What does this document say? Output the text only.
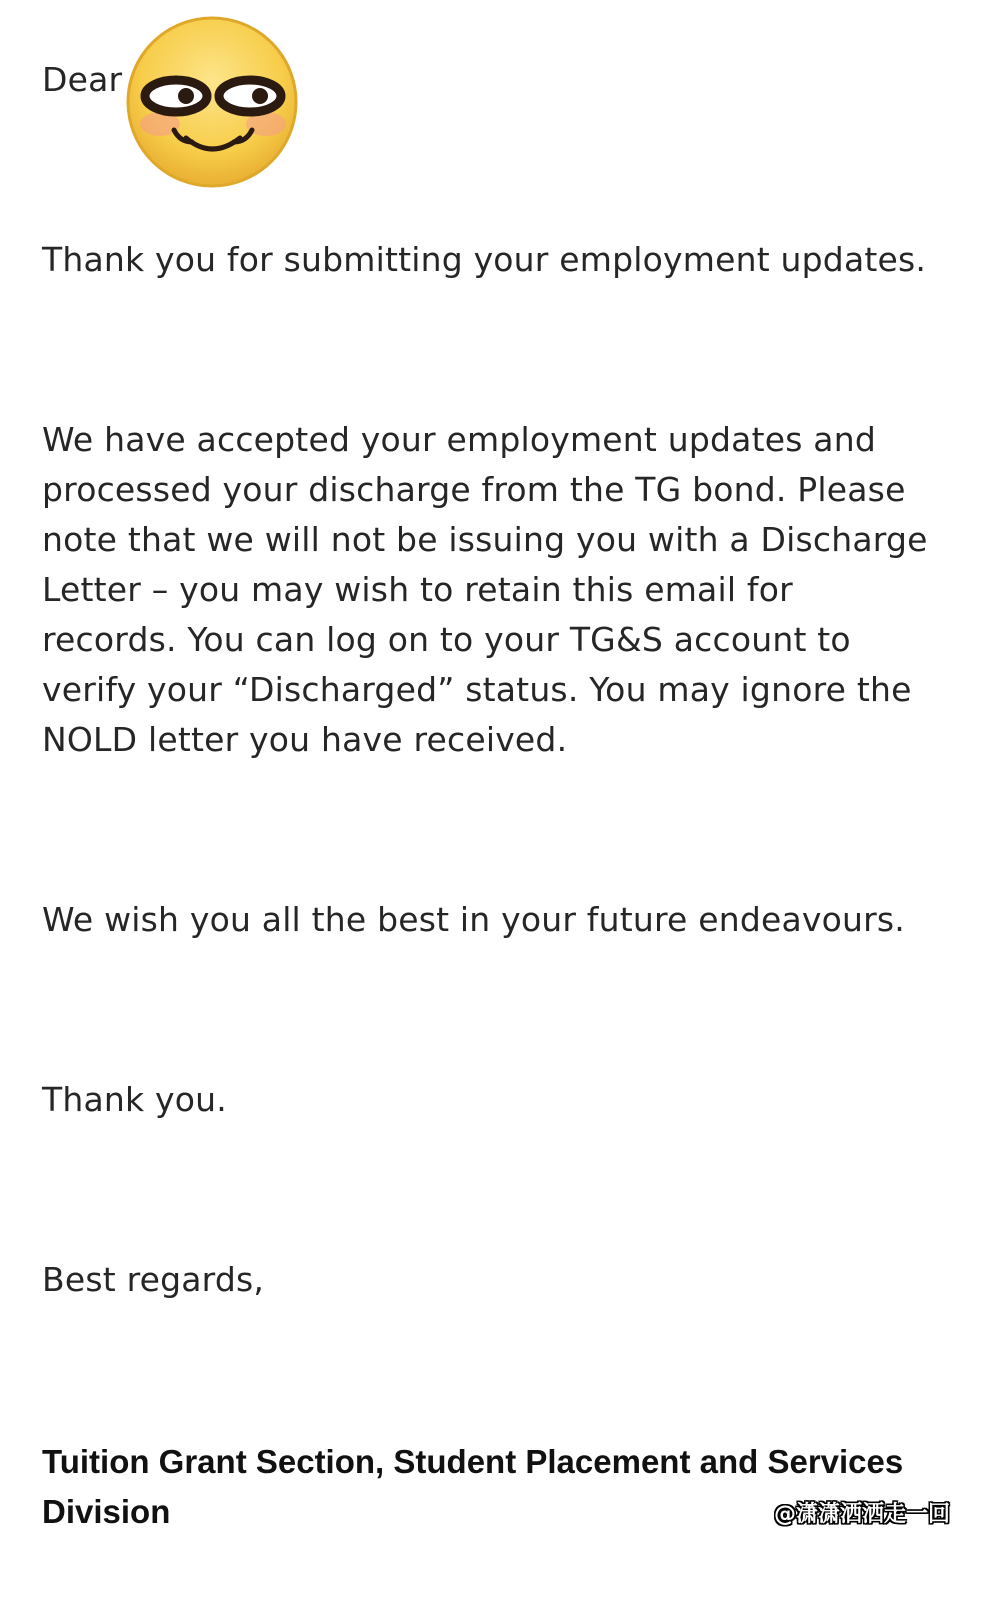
Dear

Thank you for submitting your employment updates.

We have accepted your employment updates and
processed your discharge from the TG bond. Please
note that we will not be issuing you with a Discharge
Letter – you may wish to retain this email for
records. You can log on to your TG&S account to
verify your “Discharged” status. You may ignore the
NOLD letter you have received.

We wish you all the best in your future endeavours.

Thank you.

Best regards,

Tuition Grant Section, Student Placement and Services
Division	@潇潇洒洒走一回
